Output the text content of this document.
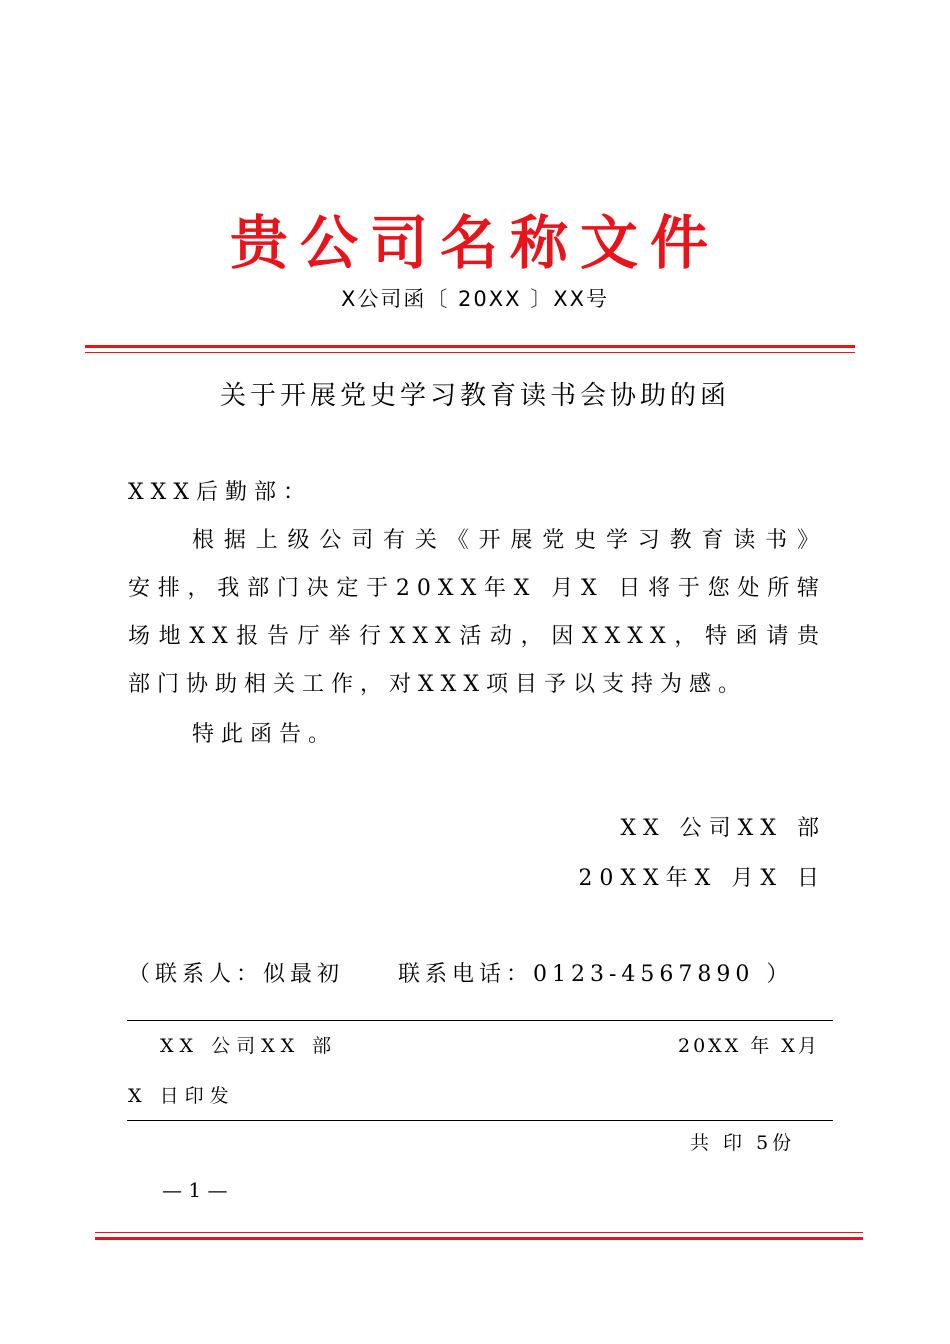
贵公司名称文件
X公司函〔 20XX 〕XX号
关于开展党史学习教育读书会协助的函
XXX后勤部：
根据上级公司有关《开展党史学习教育读书》
安排，我部门决定于20XX年X 月X 日将于您处所辖
场地XX报告厅举行XXX活动，因XXXX，特函请贵
部门协助相关工作，对XXX项目予以支持为感。
特此函告。
XX 公司XX 部
20XX年X 月X 日
（联系人：似最初　　联系电话：0123-4567890 ）
XX 公司XX 部	20XX 年 X月
X 日印发
共 印 5份
— 1 —
